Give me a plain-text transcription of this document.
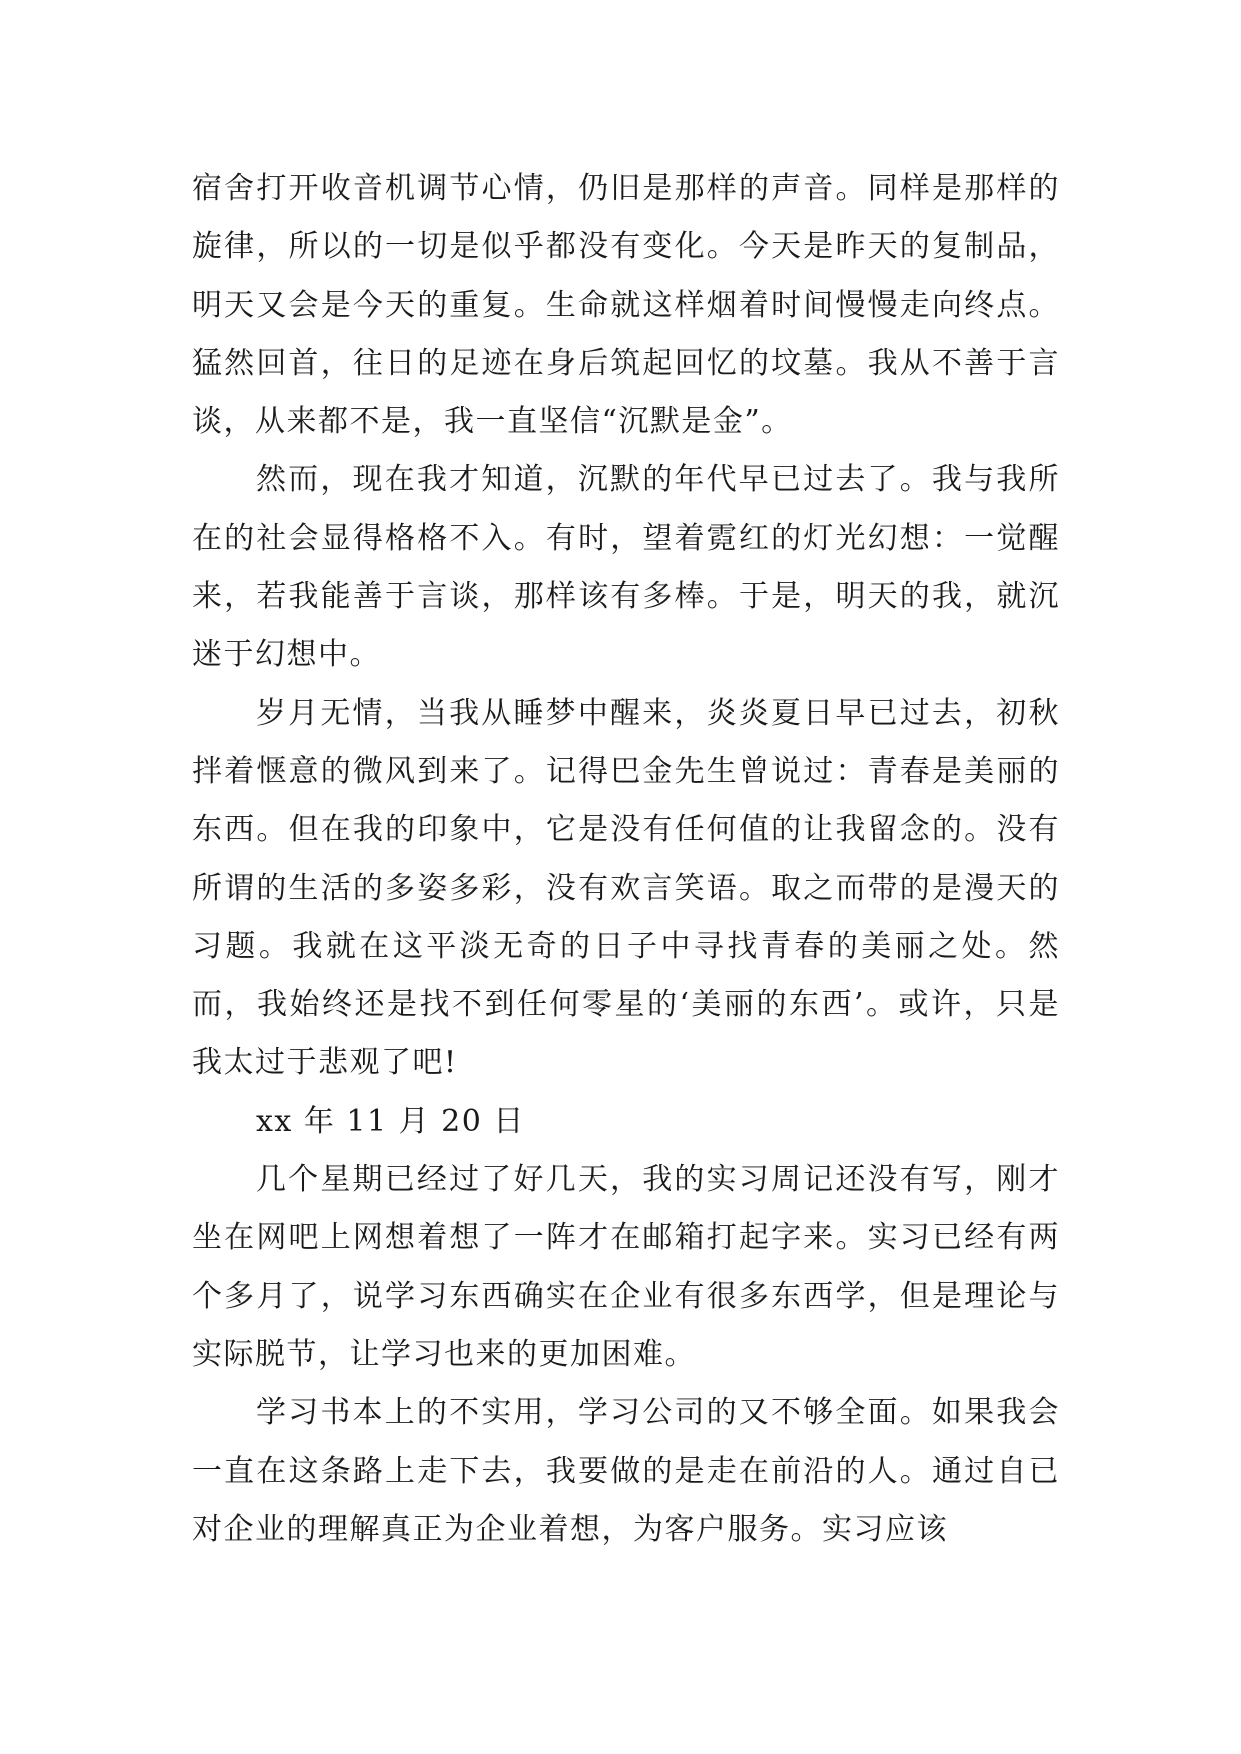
宿舍打开收音机调节心情，仍旧是那样的声音。同样是那样的旋律，所以的一切是似乎都没有变化。今天是昨天的复制品，明天又会是今天的重复。生命就这样烟着时间慢慢走向终点。猛然回首，往日的足迹在身后筑起回忆的坟墓。我从不善于言谈，从来都不是，我一直坚信“沉默是金”。

然而，现在我才知道，沉默的年代早已过去了。我与我所在的社会显得格格不入。有时，望着霓红的灯光幻想：一觉醒来，若我能善于言谈，那样该有多棒。于是，明天的我，就沉迷于幻想中。

岁月无情，当我从睡梦中醒来，炎炎夏日早已过去，初秋拌着惬意的微风到来了。记得巴金先生曾说过：青春是美丽的东西。但在我的印象中，它是没有任何值的让我留念的。没有所谓的生活的多姿多彩，没有欢言笑语。取之而带的是漫天的习题。我就在这平淡无奇的日子中寻找青春的美丽之处。然而，我始终还是找不到任何零星的‘美丽的东西’。或许，只是我太过于悲观了吧!

xx 年 11 月 20 日

几个星期已经过了好几天，我的实习周记还没有写，刚才坐在网吧上网想着想了一阵才在邮箱打起字来。实习已经有两个多月了，说学习东西确实在企业有很多东西学，但是理论与实际脱节，让学习也来的更加困难。

学习书本上的不实用，学习公司的又不够全面。如果我会一直在这条路上走下去，我要做的是走在前沿的人。通过自已对企业的理解真正为企业着想，为客户服务。实习应该
